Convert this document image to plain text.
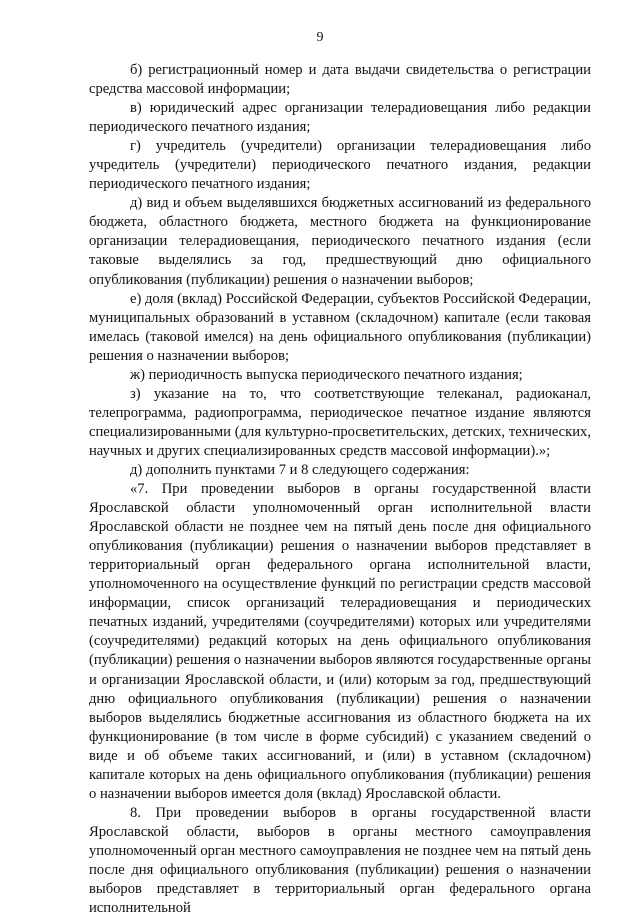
9

б) регистрационный номер и дата выдачи свидетельства о регистрации средства массовой информации;

в) юридический адрес организации телерадиовещания либо редакции периодического печатного издания;

г) учредитель (учредители) организации телерадиовещания либо учредитель (учредители) периодического печатного издания, редакции периодического печатного издания;

д) вид и объем выделявшихся бюджетных ассигнований из федерального бюджета, областного бюджета, местного бюджета на функционирование организации телерадиовещания, периодического печатного издания (если таковые выделялись за год, предшествующий дню официального опубликования (публикации) решения о назначении выборов;

е) доля (вклад) Российской Федерации, субъектов Российской Федерации, муниципальных образований в уставном (складочном) капитале (если таковая имелась (таковой имелся) на день официального опубликования (публикации) решения о назначении выборов;

ж) периодичность выпуска периодического печатного издания;

з) указание на то, что соответствующие телеканал, радиоканал, телепрограмма, радиопрограмма, периодическое печатное издание являются специализированными (для культурно-просветительских, детских, технических, научных и других специализированных средств массовой информации).»;

д) дополнить пунктами 7 и 8 следующего содержания:

«7. При проведении выборов в органы государственной власти Ярославской области уполномоченный орган исполнительной власти Ярославской области не позднее чем на пятый день после дня официального опубликования (публикации) решения о назначении выборов представляет в территориальный орган федерального органа исполнительной власти, уполномоченного на осуществление функций по регистрации средств массовой информации, список организаций телерадиовещания и периодических печатных изданий, учредителями (соучредителями) которых или учредителями (соучредителями) редакций которых на день официального опубликования (публикации) решения о назначении выборов являются государственные органы и организации Ярославской области, и (или) которым за год, предшествующий дню официального опубликования (публикации) решения о назначении выборов выделялись бюджетные ассигнования из областного бюджета на их функционирование (в том числе в форме субсидий) с указанием сведений о виде и об объеме таких ассигнований, и (или) в уставном (складочном) капитале которых на день официального опубликования (публикации) решения о назначении выборов имеется доля (вклад) Ярославской области.

8. При проведении выборов в органы государственной власти Ярославской области, выборов в органы местного самоуправления уполномоченный орган местного самоуправления не позднее чем на пятый день после дня официального опубликования (публикации) решения о назначении выборов представляет в территориальный орган федерального органа исполнительной
